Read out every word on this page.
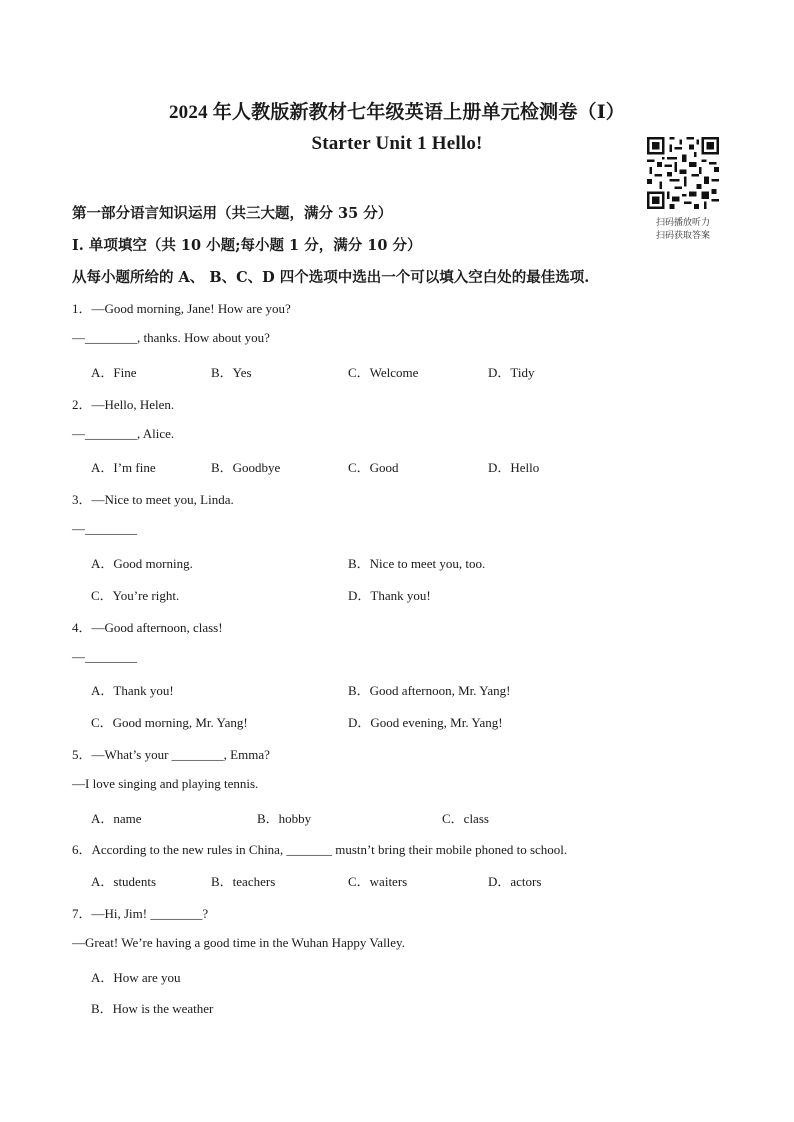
2024 年人教版新教材七年级英语上册单元检测卷（Ⅰ）
Starter Unit 1 Hello!
扫码播放听力
扫码获取答案
第一部分语言知识运用（共三大题，满分 35 分）
I. 单项填空（共 10 小题;每小题 1 分，满分 10 分）
从每小题所给的 A、 B、C、D 四个选项中选出一个可以填入空白处的最佳选项.
1．—Good morning, Jane! How are you?
—________, thanks. How about you?
A．Fine	B．Yes	C．Welcome	D．Tidy
2．—Hello, Helen.
—________, Alice.
A．I’m fine	B．Goodbye	C．Good	D．Hello
3．—Nice to meet you, Linda.
—________
A．Good morning.	B．Nice to meet you, too.
C．You’re right.	D．Thank you!
4．—Good afternoon, class!
—________
A．Thank you!	B．Good afternoon, Mr. Yang!
C．Good morning, Mr. Yang!	D．Good evening, Mr. Yang!
5．—What’s your ________, Emma?
—I love singing and playing tennis.
A．name	B．hobby	C．class
6．According to the new rules in China, _______ mustn’t bring their mobile phoned to school.
A．students	B．teachers	C．waiters	D．actors
7．—Hi, Jim! ________?
—Great! We’re having a good time in the Wuhan Happy Valley.
A．How are you
B．How is the weather
